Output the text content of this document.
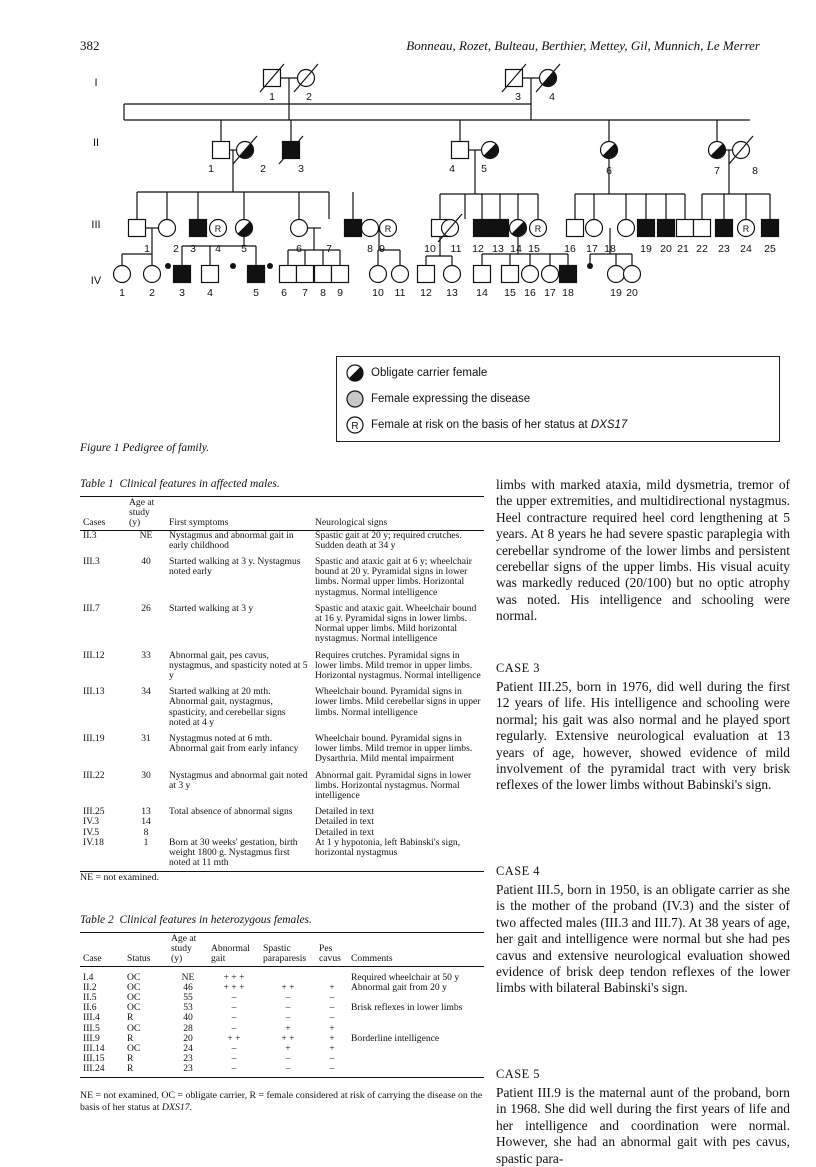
382	Bonneau, Rozet, Bulteau, Berthier, Mettey, Gil, Munnich, Le Merrer
R	R	R	R
I
II
III
IV
1	2	3	4
1	2	3	4 5	6	7	8
1 2 3 4 5	6 7	8 9	10 11 12 13 14 15 16 17 18 19 20 21 22 23 24 25
1 2 3 4	5 6 7 8 9	10 11 12 13 14 15 16 17 18	19 20
Obligate carrier female
Female expressing the disease
R Female at risk on the basis of her status at DXS17
Figure 1 Pedigree of family.
Table 1 Clinical features in affected males.
Cases	Age at
study
(y)	First symptoms	Neurological signs
II.3	NE	Nystagmus and abnormal gait in early childhood	Spastic gait at 20 y; required crutches. Sudden death at 34 y
III.3	40	Started walking at 3 y. Nystagmus noted early	Spastic and ataxic gait at 6 y; wheelchair bound at 20 y. Pyramidal signs in lower limbs. Normal upper limbs. Horizontal nystagmus. Normal intelligence
III.7	26	Started walking at 3 y	Spastic and ataxic gait. Wheelchair bound at 16 y. Pyramidal signs in lower limbs. Normal upper limbs. Mild horizontal nystagmus. Normal intelligence
III.12	33	Abnormal gait, pes cavus, nystagmus, and spasticity noted at 5 y	Requires crutches. Pyramidal signs in lower limbs. Mild tremor in upper limbs. Horizontal nystagmus. Normal intelligence
III.13	34	Started walking at 20 mth. Abnormal gait, nystagmus, spasticity, and cerebellar signs noted at 4 y	Wheelchair bound. Pyramidal signs in lower limbs. Mild cerebellar signs in upper limbs. Normal intelligence
III.19	31	Nystagmus noted at 6 mth. Abnormal gait from early infancy	Wheelchair bound. Pyramidal signs in lower limbs. Mild tremor in upper limbs. Dysarthria. Mild mental impairment
III.22	30	Nystagmus and abnormal gait noted at 3 y	Abnormal gait. Pyramidal signs in lower limbs. Horizontal nystagmus. Normal intelligence
III.25	13	Total absence of abnormal signs	Detailed in text
IV.3	14		Detailed in text
IV.5	8		Detailed in text
IV.18	1	Born at 30 weeks' gestation, birth weight 1800 g. Nystagmus first noted at 11 mth	At 1 y hypotonia, left Babinski's sign, horizontal nystagmus
NE = not examined.
Table 2 Clinical features in heterozygous females.
Case	Status	Age at
study
(y)	Abnormal
gait	Spastic
paraparesis	Pes
cavus	Comments
I.4	OC	NE	+ + +			Required wheelchair at 50 y
II.2	OC	46	+ + +	+ +	+	Abnormal gait from 20 y
II.5	OC	55	–	–	–	
II.6	OC	53	–	–	–	Brisk reflexes in lower limbs
III.4	R	40	–	–	–	
III.5	OC	28	–	+	+	
III.9	R	20	+ +	+ +	+	Borderline intelligence
III.14	OC	24	–	+	+	
III.15	R	23	–	–	–	
III.24	R	23	–	–	–	
NE = not examined, OC = obligate carrier, R = female considered at risk of carrying the disease on the basis of her status at DXS17.
limbs with marked ataxia, mild dysmetria, tremor of the upper extremities, and multidirectional nystagmus. Heel contracture required heel cord lengthening at 5 years. At 8 years he had severe spastic paraplegia with cerebellar syndrome of the lower limbs and persistent cerebellar signs of the upper limbs. His visual acuity was markedly reduced (20/100) but no optic atrophy was noted. His intelligence and schooling were normal.
CASE 3
Patient III.25, born in 1976, did well during the first 12 years of life. His intelligence and schooling were normal; his gait was also normal and he played sport regularly. Extensive neurological evaluation at 13 years of age, however, showed evidence of mild involvement of the pyramidal tract with very brisk reflexes of the lower limbs without Babinski's sign.
CASE 4
Patient III.5, born in 1950, is an obligate carrier as she is the mother of the proband (IV.3) and the sister of two affected males (III.3 and III.7). At 38 years of age, her gait and intelligence were normal but she had pes cavus and extensive neurological evaluation showed evidence of brisk deep tendon reflexes of the lower limbs with bilateral Babinski's sign.
CASE 5
Patient III.9 is the maternal aunt of the proband, born in 1968. She did well during the first years of life and her intelligence and coordination were normal. However, she had an abnormal gait with pes cavus, spastic para-
